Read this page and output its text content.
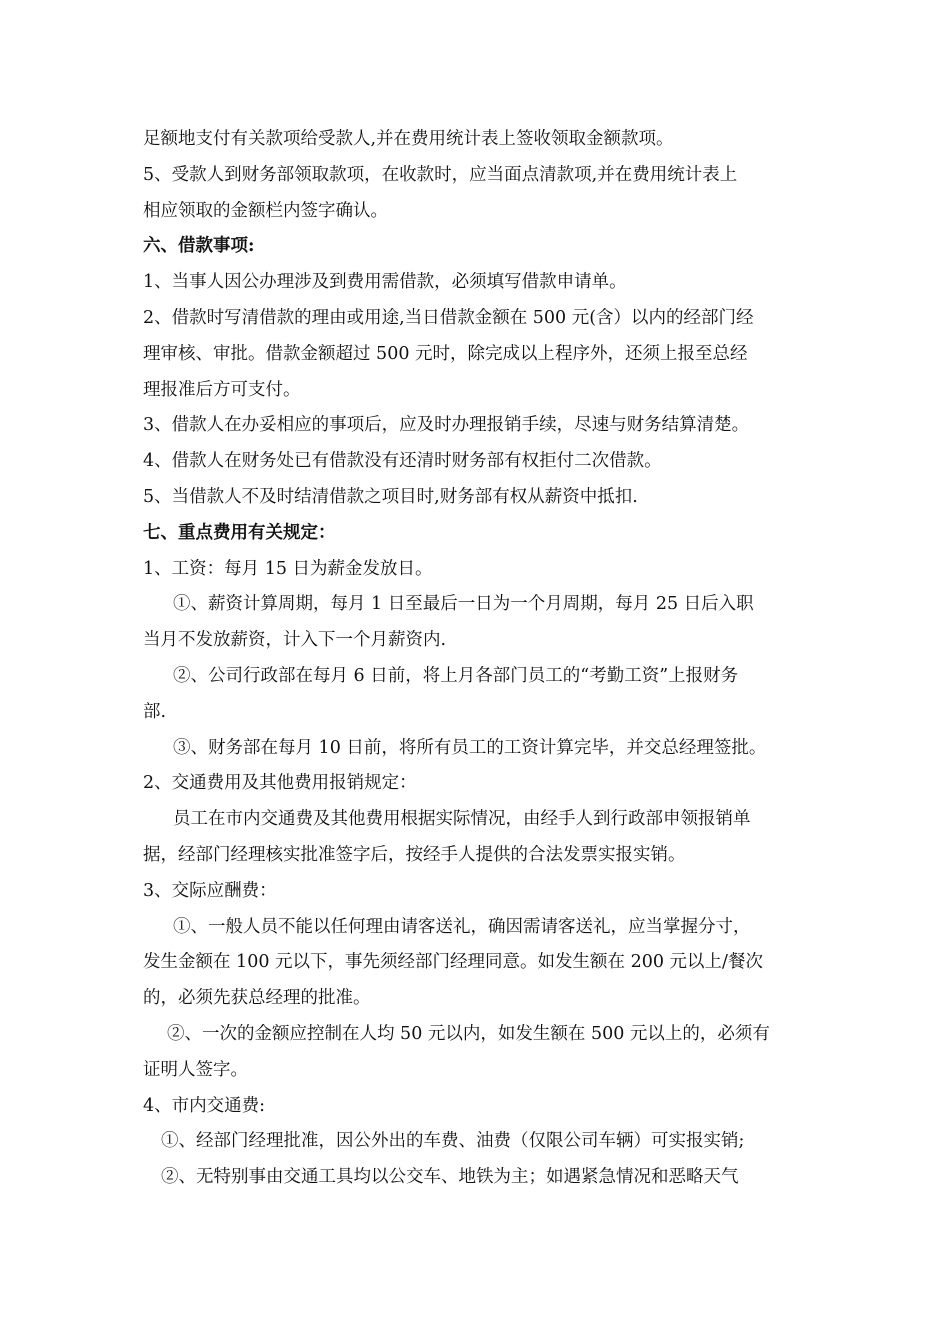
足额地支付有关款项给受款人,并在费用统计表上签收领取金额款项。
5、受款人到财务部领取款项，在收款时，应当面点清款项,并在费用统计表上
相应领取的金额栏内签字确认。
六、借款事项:
1、当事人因公办理涉及到费用需借款，必须填写借款申请单。
2、借款时写清借款的理由或用途,当日借款金额在 500 元(含）以内的经部门经
理审核、审批。借款金额超过 500 元时，除完成以上程序外，还须上报至总经
理报准后方可支付。
3、借款人在办妥相应的事项后，应及时办理报销手续，尽速与财务结算清楚。
4、借款人在财务处已有借款没有还清时财务部有权拒付二次借款。
5、当借款人不及时结清借款之项目时,财务部有权从薪资中抵扣.
七、重点费用有关规定：
1、工资：每月 15 日为薪金发放日。
①、薪资计算周期，每月 1 日至最后一日为一个月周期，每月 25 日后入职
当月不发放薪资，计入下一个月薪资内.
②、公司行政部在每月 6 日前，将上月各部门员工的“考勤工资”上报财务
部.
③、财务部在每月 10 日前，将所有员工的工资计算完毕，并交总经理签批。
2、交通费用及其他费用报销规定：
员工在市内交通费及其他费用根据实际情况，由经手人到行政部申领报销单
据，经部门经理核实批准签字后，按经手人提供的合法发票实报实销。
3、交际应酬费：
①、一般人员不能以任何理由请客送礼，确因需请客送礼，应当掌握分寸，
发生金额在 100 元以下，事先须经部门经理同意。如发生额在 200 元以上/餐次
的，必须先获总经理的批准。
②、一次的金额应控制在人均 50 元以内，如发生额在 500 元以上的，必须有
证明人签字。
4、市内交通费:
①、经部门经理批准，因公外出的车费、油费（仅限公司车辆）可实报实销;
②、无特别事由交通工具均以公交车、地铁为主；如遇紧急情况和恶略天气
